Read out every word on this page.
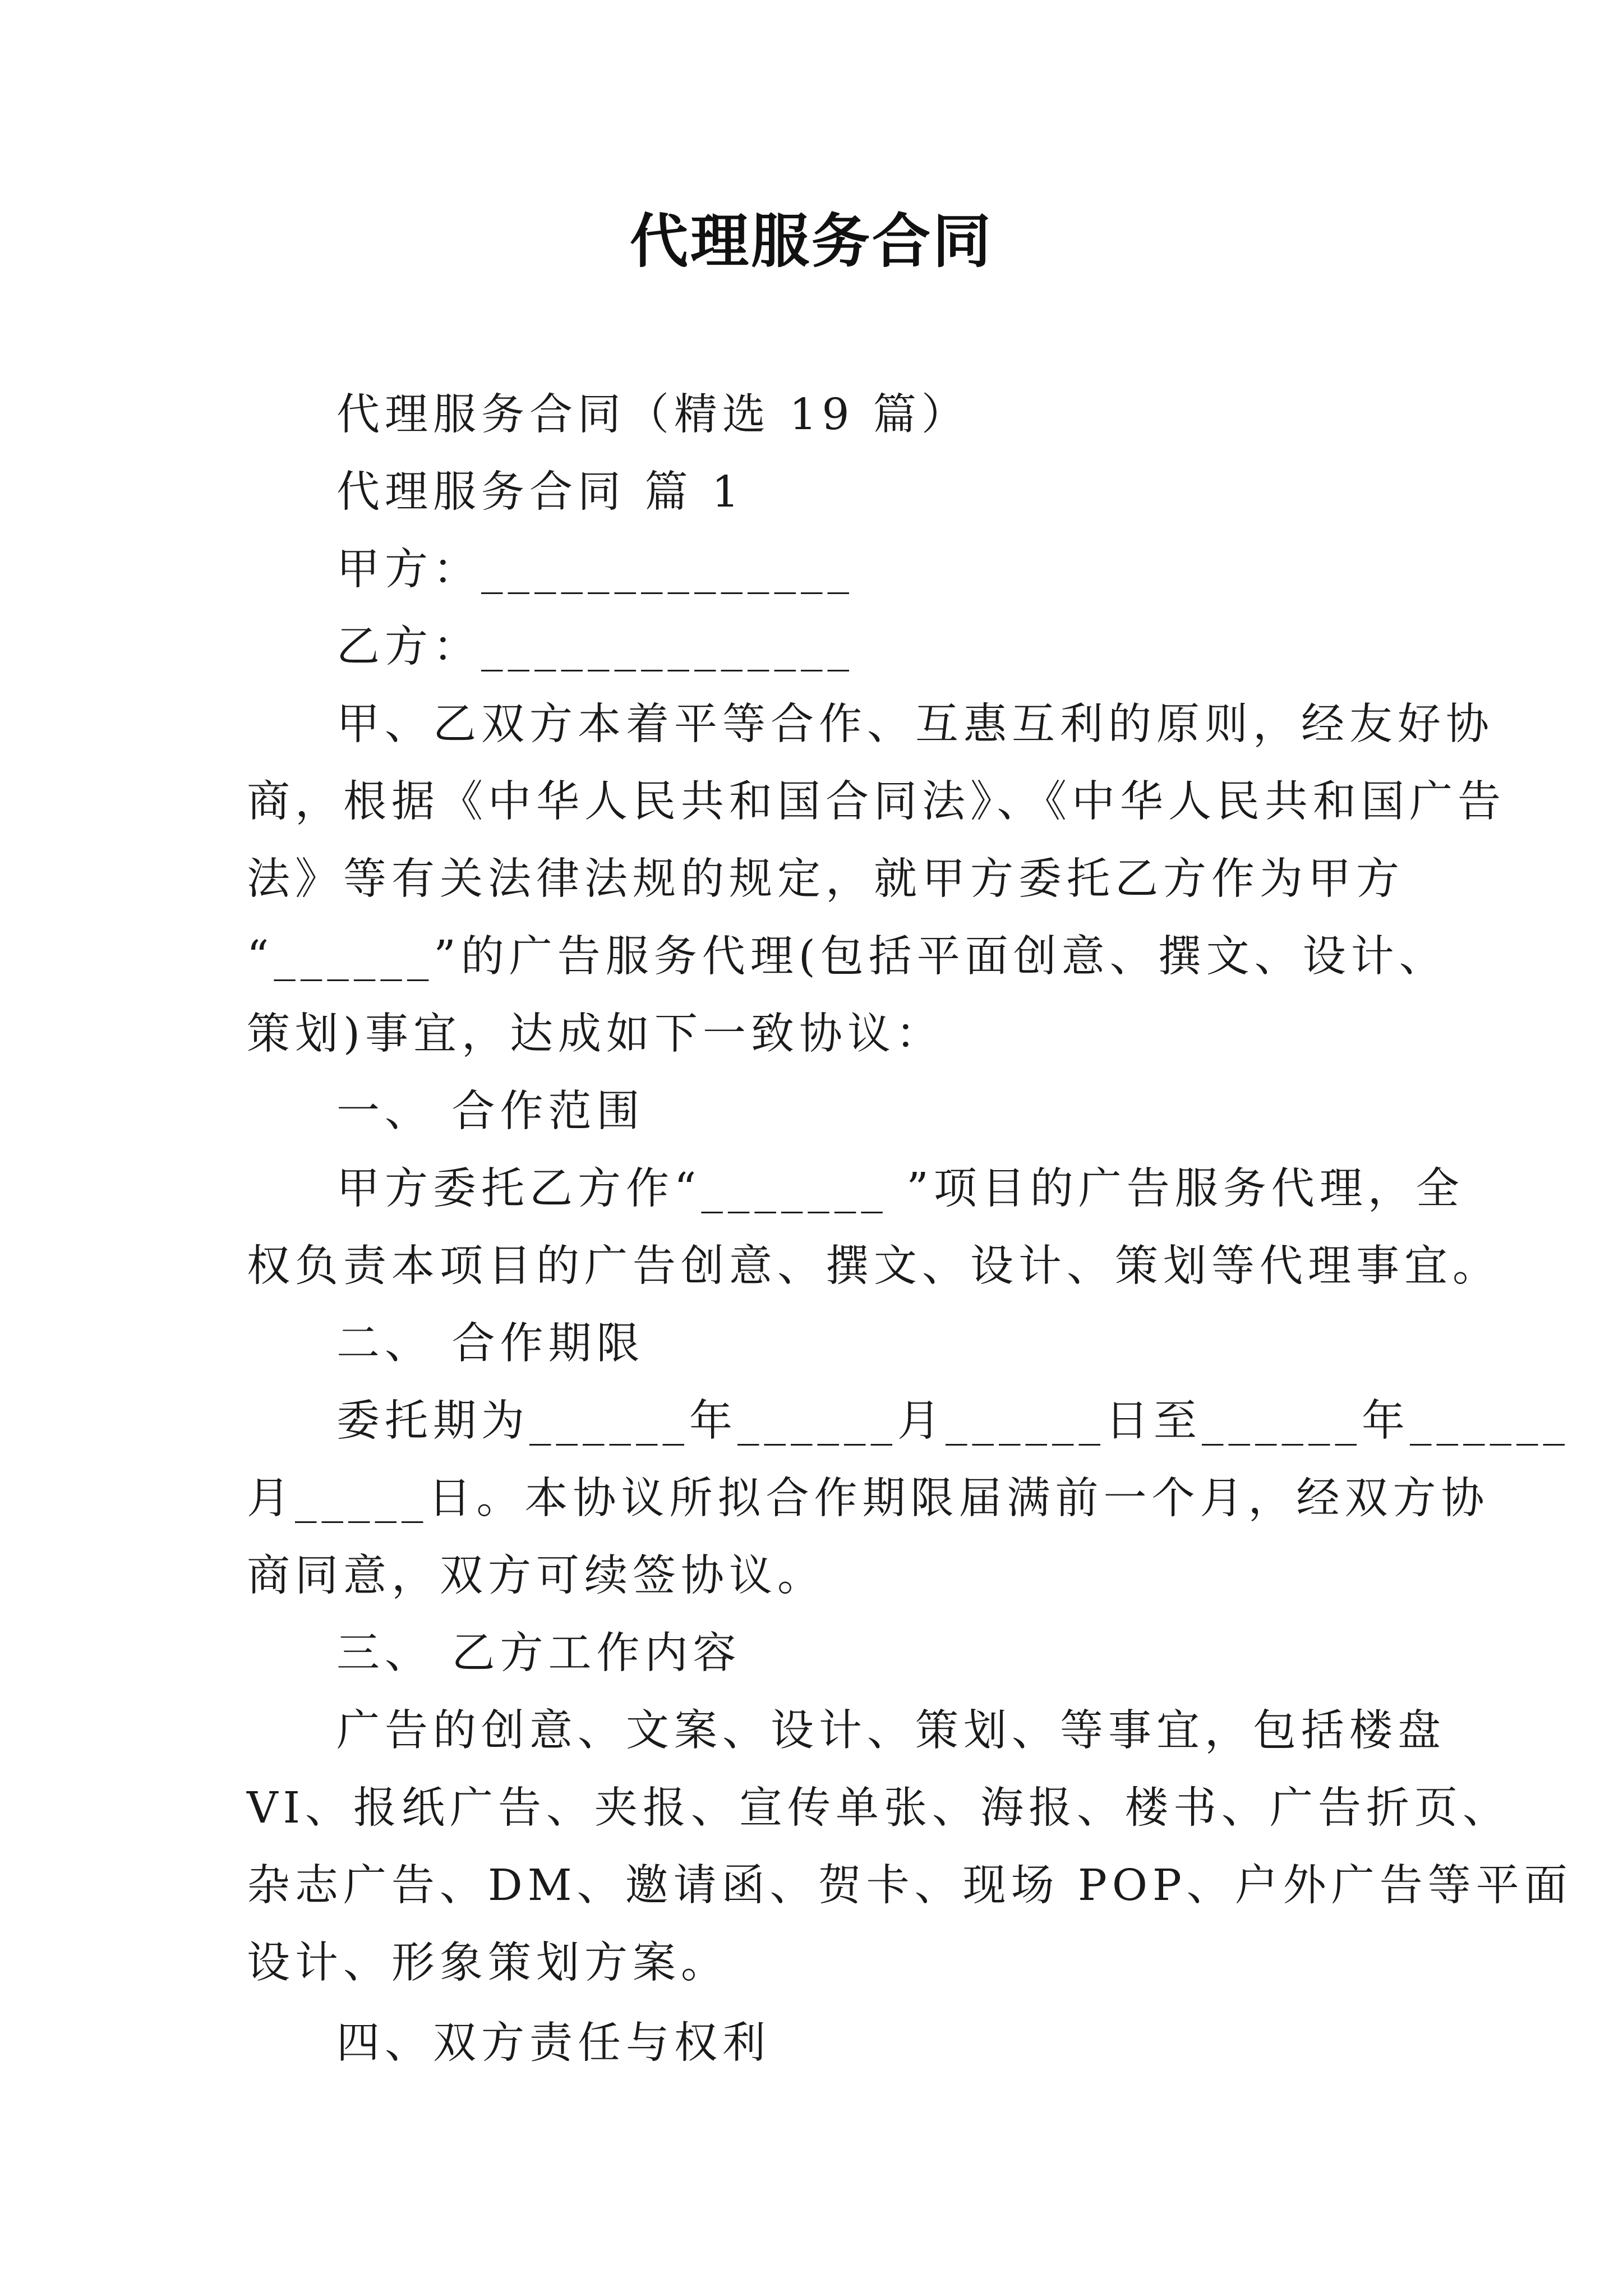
代理服务合同
代理服务合同（精选 19 篇）
代理服务合同 篇 1
甲方：______________
乙方：______________
甲、乙双方本着平等合作、互惠互利的原则，经友好协
商，根据《中华人民共和国合同法》、《中华人民共和国广告
法》等有关法律法规的规定，就甲方委托乙方作为甲方
“______”的广告服务代理(包括平面创意、撰文、设计、
策划)事宜，达成如下一致协议：
一、 合作范围
甲方委托乙方作“_______ ”项目的广告服务代理，全
权负责本项目的广告创意、撰文、设计、策划等代理事宜。
二、 合作期限
委托期为______年______月______日至______年______
月_____日。本协议所拟合作期限届满前一个月，经双方协
商同意，双方可续签协议。
三、 乙方工作内容
广告的创意、文案、设计、策划、等事宜，包括楼盘
VI、报纸广告、夹报、宣传单张、海报、楼书、广告折页、
杂志广告、DM、邀请函、贺卡、现场 POP、户外广告等平面
设计、形象策划方案。
四、双方责任与权利
